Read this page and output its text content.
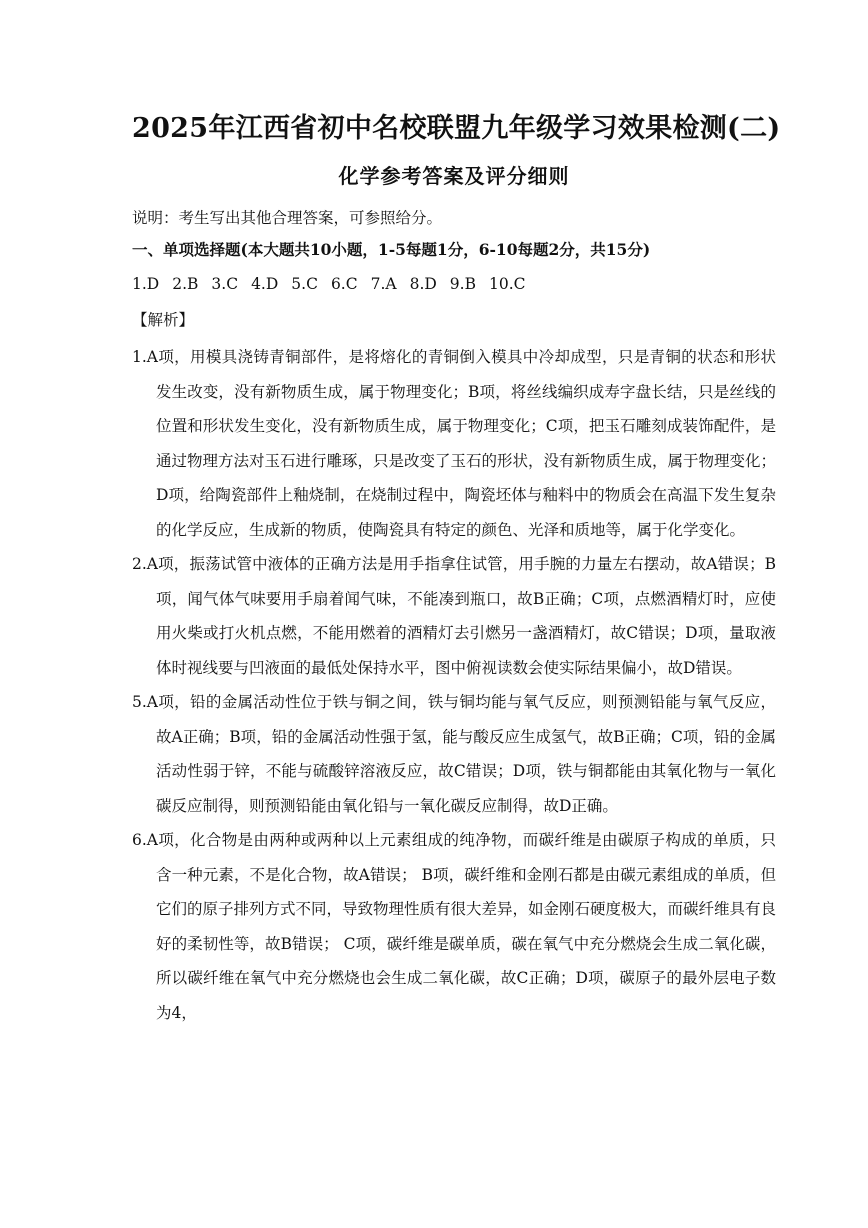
2025年江西省初中名校联盟九年级学习效果检测(二)
化学参考答案及评分细则

说明：考生写出其他合理答案，可参照给分。

一、单项选择题(本大题共10小题，1-5每题1分，6-10每题2分，共15分)

1.D 2.B 3.C 4.D 5.C 6.C 7.A 8.D 9.B 10.C

【解析】

1.A项，用模具浇铸青铜部件，是将熔化的青铜倒入模具中冷却成型，只是青铜的状态和形状发生改变，没有新物质生成，属于物理变化；B项，将丝线编织成寿字盘长结，只是丝线的位置和形状发生变化，没有新物质生成，属于物理变化；C项，把玉石雕刻成装饰配件，是通过物理方法对玉石进行雕琢，只是改变了玉石的形状，没有新物质生成，属于物理变化；D项，给陶瓷部件上釉烧制，在烧制过程中，陶瓷坯体与釉料中的物质会在高温下发生复杂的化学反应，生成新的物质，使陶瓷具有特定的颜色、光泽和质地等，属于化学变化。

2.A项，振荡试管中液体的正确方法是用手指拿住试管，用手腕的力量左右摆动，故A错误；B项，闻气体气味要用手扇着闻气味，不能凑到瓶口，故B正确；C项，点燃酒精灯时，应使用火柴或打火机点燃，不能用燃着的酒精灯去引燃另一盏酒精灯，故C错误；D项，量取液体时视线要与凹液面的最低处保持水平，图中俯视读数会使实际结果偏小，故D错误。

5.A项，铅的金属活动性位于铁与铜之间，铁与铜均能与氧气反应，则预测铅能与氧气反应，故A正确；B项，铅的金属活动性强于氢，能与酸反应生成氢气，故B正确；C项，铅的金属活动性弱于锌，不能与硫酸锌溶液反应，故C错误；D项，铁与铜都能由其氧化物与一氧化碳反应制得，则预测铅能由氧化铅与一氧化碳反应制得，故D正确。

6.A项，化合物是由两种或两种以上元素组成的纯净物，而碳纤维是由碳原子构成的单质，只含一种元素，不是化合物，故A错误； B项，碳纤维和金刚石都是由碳元素组成的单质，但它们的原子排列方式不同，导致物理性质有很大差异，如金刚石硬度极大，而碳纤维具有良好的柔韧性等，故B错误； C项，碳纤维是碳单质，碳在氧气中充分燃烧会生成二氧化碳，所以碳纤维在氧气中充分燃烧也会生成二氧化碳，故C正确；D项，碳原子的最外层电子数为4，
